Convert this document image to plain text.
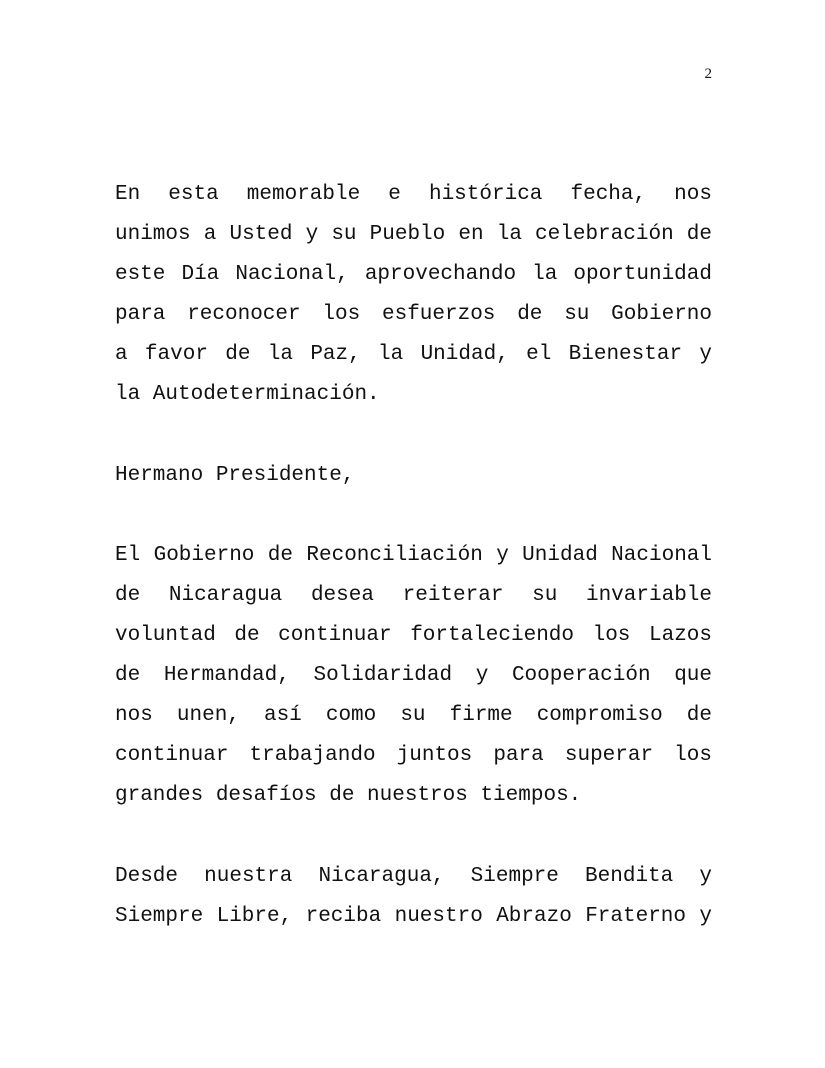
2
En esta memorable e histórica fecha, nos
unimos a Usted y su Pueblo en la celebración de
este Día Nacional, aprovechando la oportunidad
para reconocer los esfuerzos de su Gobierno
a favor de la Paz, la Unidad, el Bienestar y
la Autodeterminación.
Hermano Presidente,
El Gobierno de Reconciliación y Unidad Nacional
de Nicaragua desea reiterar su invariable
voluntad de continuar fortaleciendo los Lazos
de Hermandad, Solidaridad y Cooperación que
nos unen, así como su firme compromiso de
continuar trabajando juntos para superar los
grandes desafíos de nuestros tiempos.
Desde nuestra Nicaragua, Siempre Bendita y
Siempre Libre, reciba nuestro Abrazo Fraterno y
